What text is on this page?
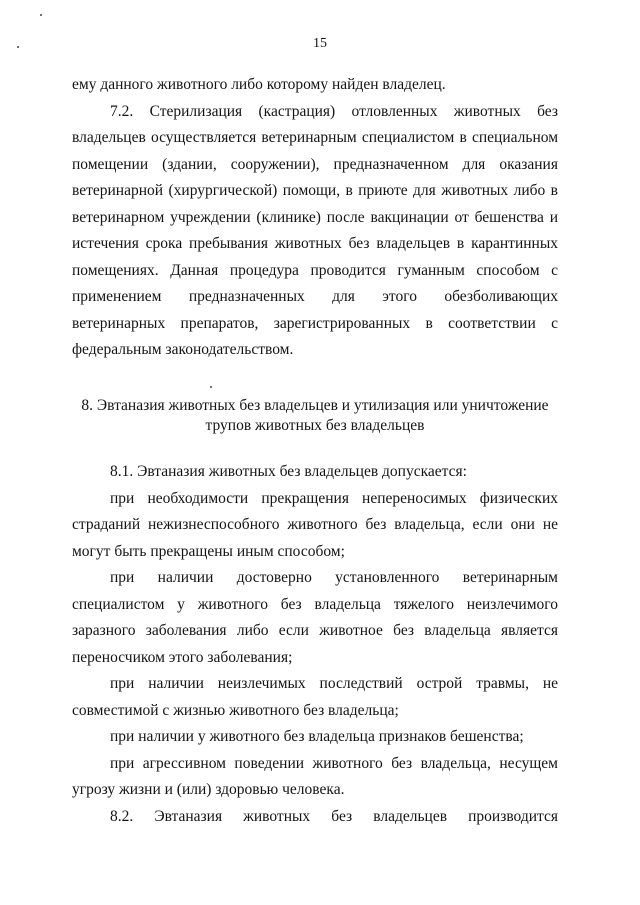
15

ему данного животного либо которому найден владелец.

7.2. Стерилизация (кастрация) отловленных животных без владельцев осуществляется ветеринарным специалистом в специальном помещении (здании, сооружении), предназначенном для оказания ветеринарной (хирургической) помощи, в приюте для животных либо в ветеринарном учреждении (клинике) после вакцинации от бешенства и истечения срока пребывания животных без владельцев в карантинных помещениях. Данная процедура проводится гуманным способом с применением предназначенных для этого обезболивающих ветеринарных препаратов, зарегистрированных в соответствии с федеральным законодательством.

8. Эвтаназия животных без владельцев и утилизация или уничтожение
трупов животных без владельцев

8.1. Эвтаназия животных без владельцев допускается:

при необходимости прекращения непереносимых физических страданий нежизнеспособного животного без владельца, если они не могут быть прекращены иным способом;

при наличии достоверно установленного ветеринарным специалистом у животного без владельца тяжелого неизлечимого заразного заболевания либо если животное без владельца является переносчиком этого заболевания;

при наличии неизлечимых последствий острой травмы, не совместимой с жизнью животного без владельца;

при наличии у животного без владельца признаков бешенства;

при агрессивном поведении животного без владельца, несущем угрозу жизни и (или) здоровью человека.

8.2. Эвтаназия животных без владельцев производится
